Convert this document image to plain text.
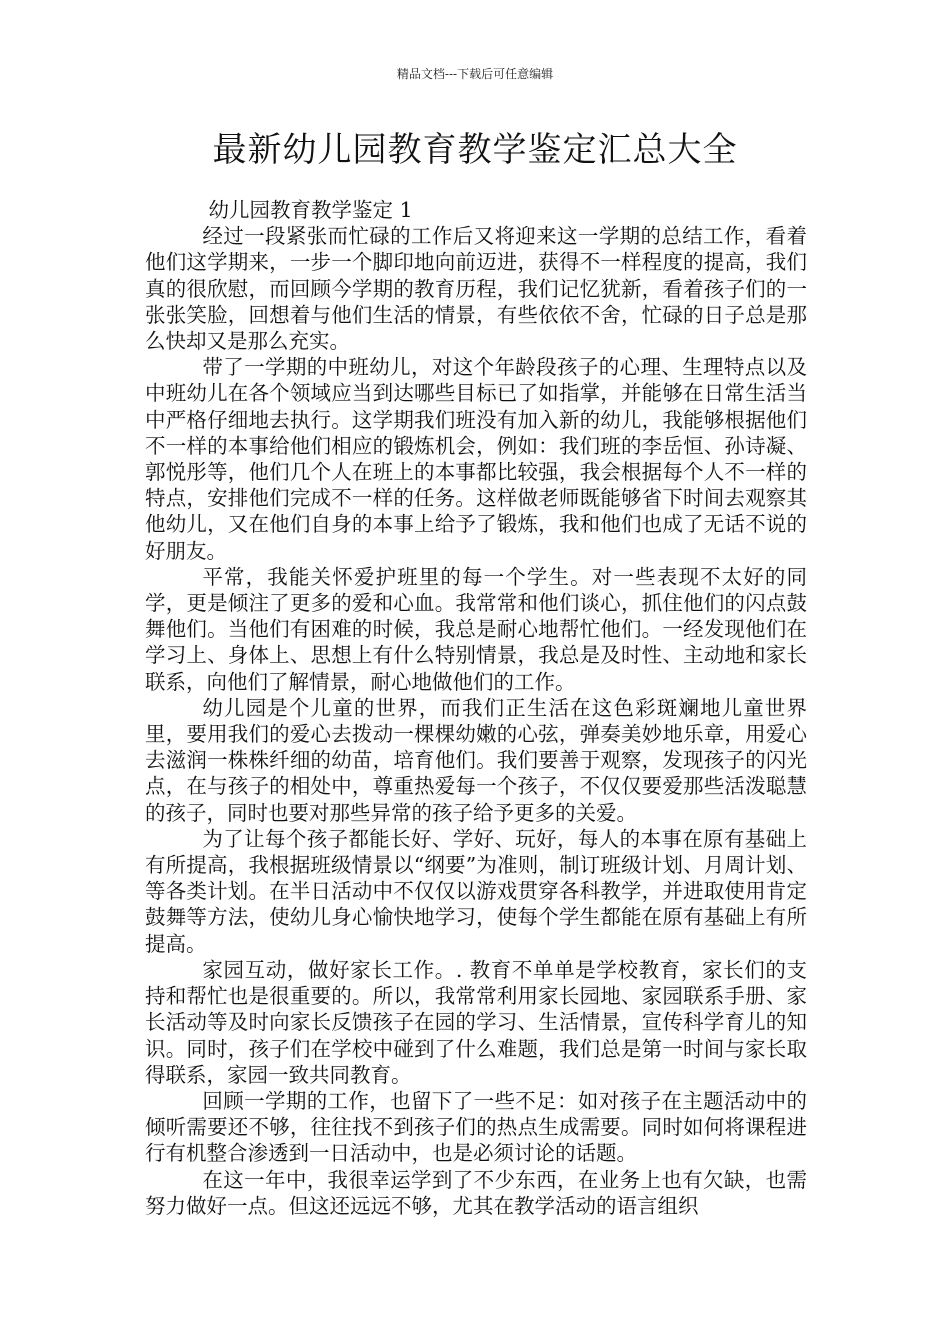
精品文档---下载后可任意编辑
最新幼儿园教育教学鉴定汇总大全

幼儿园教育教学鉴定 1

经过一段紧张而忙碌的工作后又将迎来这一学期的总结工作，看着他们这学期来，一步一个脚印地向前迈进，获得不一样程度的提高，我们真的很欣慰，而回顾今学期的教育历程，我们记忆犹新，看着孩子们的一张张笑脸，回想着与他们生活的情景，有些依依不舍，忙碌的日子总是那么快却又是那么充实。

带了一学期的中班幼儿，对这个年龄段孩子的心理、生理特点以及中班幼儿在各个领域应当到达哪些目标已了如指掌，并能够在日常生活当中严格仔细地去执行。这学期我们班没有加入新的幼儿，我能够根据他们不一样的本事给他们相应的锻炼机会，例如：我们班的李岳恒、孙诗凝、郭悦彤等，他们几个人在班上的本事都比较强，我会根据每个人不一样的特点，安排他们完成不一样的任务。这样做老师既能够省下时间去观察其他幼儿，又在他们自身的本事上给予了锻炼，我和他们也成了无话不说的好朋友。

平常，我能关怀爱护班里的每一个学生。对一些表现不太好的同学，更是倾注了更多的爱和心血。我常常和他们谈心，抓住他们的闪点鼓舞他们。当他们有困难的时候，我总是耐心地帮忙他们。一经发现他们在学习上、身体上、思想上有什么特别情景，我总是及时性、主动地和家长联系，向他们了解情景，耐心地做他们的工作。

幼儿园是个儿童的世界，而我们正生活在这色彩斑斓地儿童世界里，要用我们的爱心去拨动一棵棵幼嫩的心弦，弹奏美妙地乐章，用爱心去滋润一株株纤细的幼苗，培育他们。我们要善于观察，发现孩子的闪光点，在与孩子的相处中，尊重热爱每一个孩子，不仅仅要爱那些活泼聪慧的孩子，同时也要对那些异常的孩子给予更多的关爱。

为了让每个孩子都能长好、学好、玩好，每人的本事在原有基础上有所提高，我根据班级情景以“纲要”为准则，制订班级计划、月周计划、等各类计划。在半日活动中不仅仅以游戏贯穿各科教学，并进取使用肯定鼓舞等方法，使幼儿身心愉快地学习，使每个学生都能在原有基础上有所提高。

家园互动，做好家长工作。. 教育不单单是学校教育，家长们的支持和帮忙也是很重要的。所以，我常常利用家长园地、家园联系手册、家长活动等及时向家长反馈孩子在园的学习、生活情景，宣传科学育儿的知识。同时，孩子们在学校中碰到了什么难题，我们总是第一时间与家长取得联系，家园一致共同教育。

回顾一学期的工作，也留下了一些不足：如对孩子在主题活动中的倾听需要还不够，往往找不到孩子们的热点生成需要。同时如何将课程进行有机整合渗透到一日活动中，也是必须讨论的话题。

在这一年中，我很幸运学到了不少东西，在业务上也有欠缺，也需努力做好一点。但这还远远不够，尤其在教学活动的语言组织
